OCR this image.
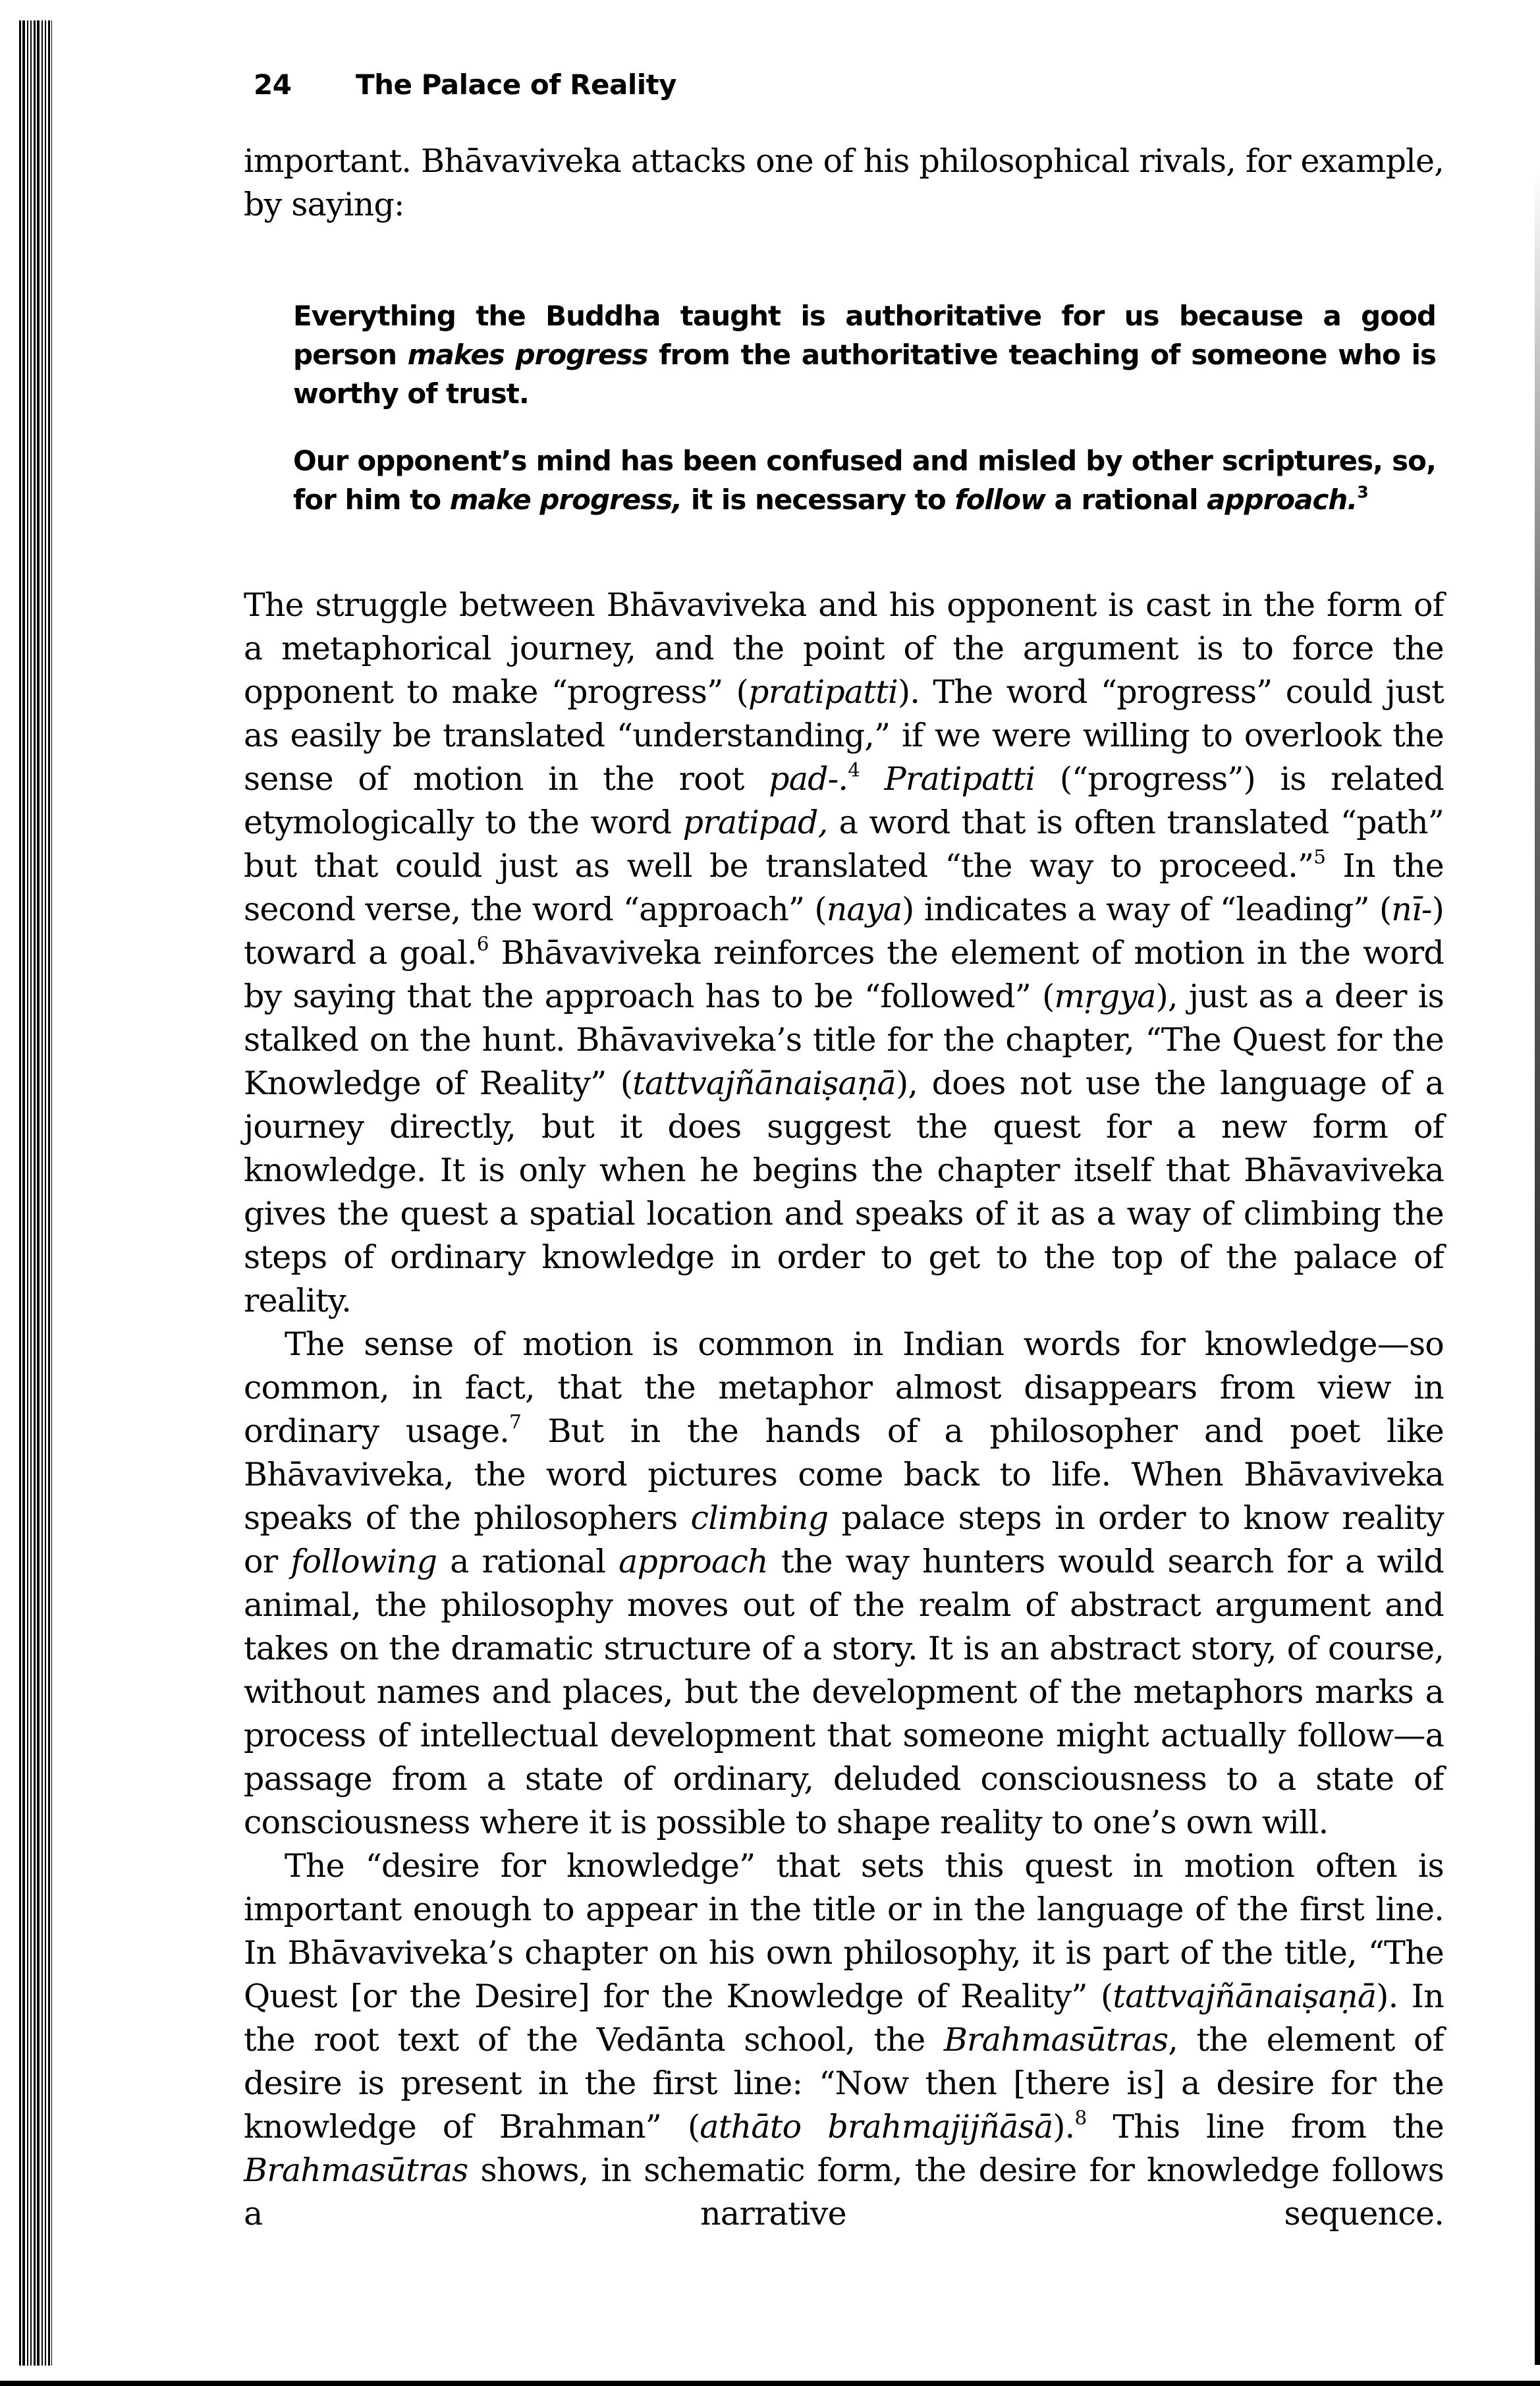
24 The Palace of Reality

important. Bhāvaviveka attacks one of his philosophical rivals, for example, by saying:

Everything the Buddha taught is authoritative for us because a good person makes progress from the authoritative teaching of someone who is worthy of trust.

Our opponent’s mind has been confused and misled by other scriptures, so, for him to make progress, it is necessary to follow a rational approach.$^3$

The struggle between Bhāvaviveka and his opponent is cast in the form of a metaphorical journey, and the point of the argument is to force the opponent to make “progress” (pratipatti). The word “progress” could just as easily be translated “understanding,” if we were willing to overlook the sense of motion in the root pad-.$^4$ Pratipatti (“progress”) is related etymologically to the word pratipad, a word that is often translated “path” but that could just as well be translated “the way to proceed.”$^5$ In the second verse, the word “approach” (naya) indicates a way of “leading” (nī-) toward a goal.$^6$ Bhāvaviveka reinforces the element of motion in the word by saying that the approach has to be “followed” (mṛgya), just as a deer is stalked on the hunt. Bhāvaviveka’s title for the chapter, “The Quest for the Knowledge of Reality” (tattvajñānaiṣaṇā), does not use the language of a journey directly, but it does suggest the quest for a new form of knowledge. It is only when he begins the chapter itself that Bhāvaviveka gives the quest a spatial location and speaks of it as a way of climbing the steps of ordinary knowledge in order to get to the top of the palace of reality.

The sense of motion is common in Indian words for knowledge—so common, in fact, that the metaphor almost disappears from view in ordinary usage.$^7$ But in the hands of a philosopher and poet like Bhāvaviveka, the word pictures come back to life. When Bhāvaviveka speaks of the philosophers climbing palace steps in order to know reality or following a rational approach the way hunters would search for a wild animal, the philosophy moves out of the realm of abstract argument and takes on the dramatic structure of a story. It is an abstract story, of course, without names and places, but the development of the metaphors marks a process of intellectual development that someone might actually follow—a passage from a state of ordinary, deluded consciousness to a state of consciousness where it is possible to shape reality to one’s own will.

The “desire for knowledge” that sets this quest in motion often is important enough to appear in the title or in the language of the first line. In Bhāvaviveka’s chapter on his own philosophy, it is part of the title, “The Quest [or the Desire] for the Knowledge of Reality” (tattvajñānaiṣaṇā). In the root text of the Vedānta school, the Brahmasūtras, the element of desire is present in the first line: “Now then [there is] a desire for the knowledge of Brahman” (athāto brahmajijñāsā).$^8$ This line from the Brahmasūtras shows, in schematic form, the desire for knowledge follows a narrative sequence.
